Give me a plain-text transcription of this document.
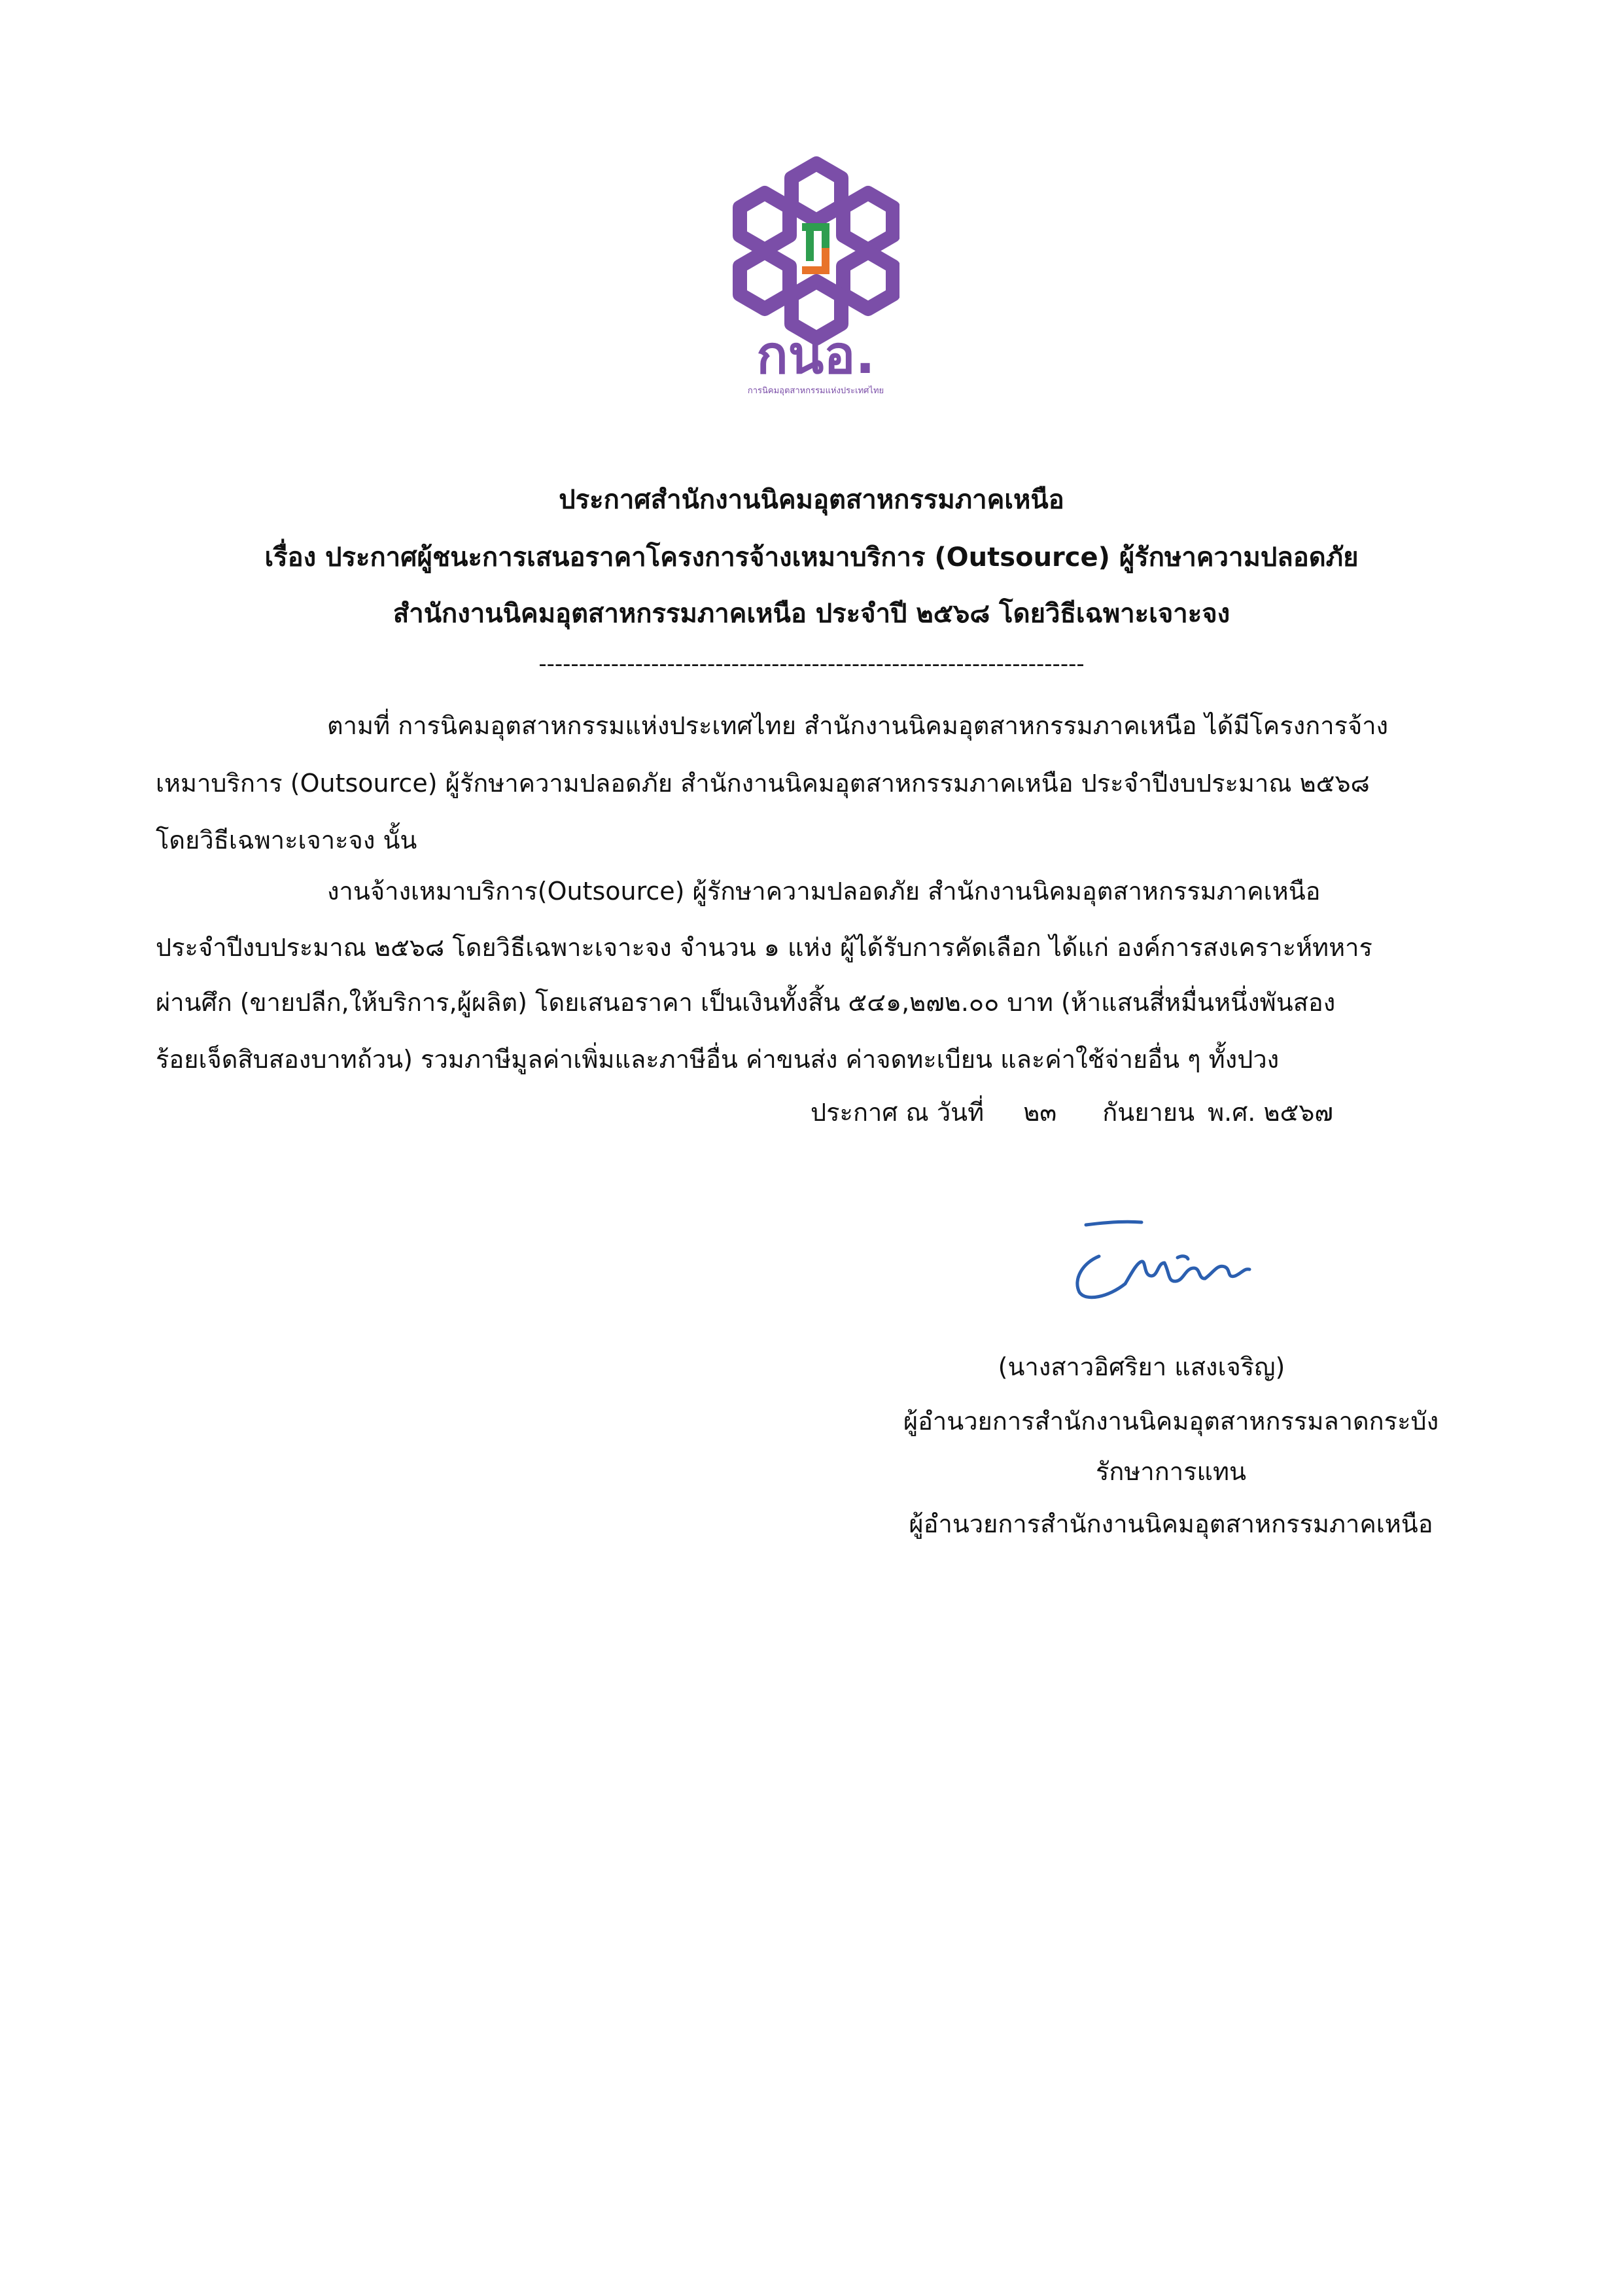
กนอ.
การนิคมอุตสาหกรรมแห่งประเทศไทย
ประกาศสำนักงานนิคมอุตสาหกรรมภาคเหนือ
เรื่อง ประกาศผู้ชนะการเสนอราคาโครงการจ้างเหมาบริการ (Outsource) ผู้รักษาความปลอดภัย
สำนักงานนิคมอุตสาหกรรมภาคเหนือ ประจำปี ๒๕๖๘ โดยวิธีเฉพาะเจาะจง
--------------------------------------------------------------------
ตามที่ การนิคมอุตสาหกรรมแห่งประเทศไทย สำนักงานนิคมอุตสาหกรรมภาคเหนือ ได้มีโครงการจ้าง
เหมาบริการ (Outsource) ผู้รักษาความปลอดภัย สำนักงานนิคมอุตสาหกรรมภาคเหนือ ประจำปีงบประมาณ ๒๕๖๘
โดยวิธีเฉพาะเจาะจง นั้น
งานจ้างเหมาบริการ(Outsource) ผู้รักษาความปลอดภัย สำนักงานนิคมอุตสาหกรรมภาคเหนือ
ประจำปีงบประมาณ ๒๕๖๘ โดยวิธีเฉพาะเจาะจง จำนวน ๑ แห่ง ผู้ได้รับการคัดเลือก ได้แก่ องค์การสงเคราะห์ทหาร
ผ่านศึก (ขายปลีก,ให้บริการ,ผู้ผลิต) โดยเสนอราคา เป็นเงินทั้งสิ้น ๕๔๑,๒๗๒.๐๐ บาท (ห้าแสนสี่หมื่นหนึ่งพันสอง
ร้อยเจ็ดสิบสองบาทถ้วน) รวมภาษีมูลค่าเพิ่มและภาษีอื่น ค่าขนส่ง ค่าจดทะเบียน และค่าใช้จ่ายอื่น ๆ ทั้งปวง
ประกาศ ณ วันที่ ๒๓ กันยายน พ.ศ. ๒๕๖๗
(นางสาวอิศริยา แสงเจริญ)
ผู้อำนวยการสำนักงานนิคมอุตสาหกรรมลาดกระบัง
รักษาการแทน
ผู้อำนวยการสำนักงานนิคมอุตสาหกรรมภาคเหนือ
